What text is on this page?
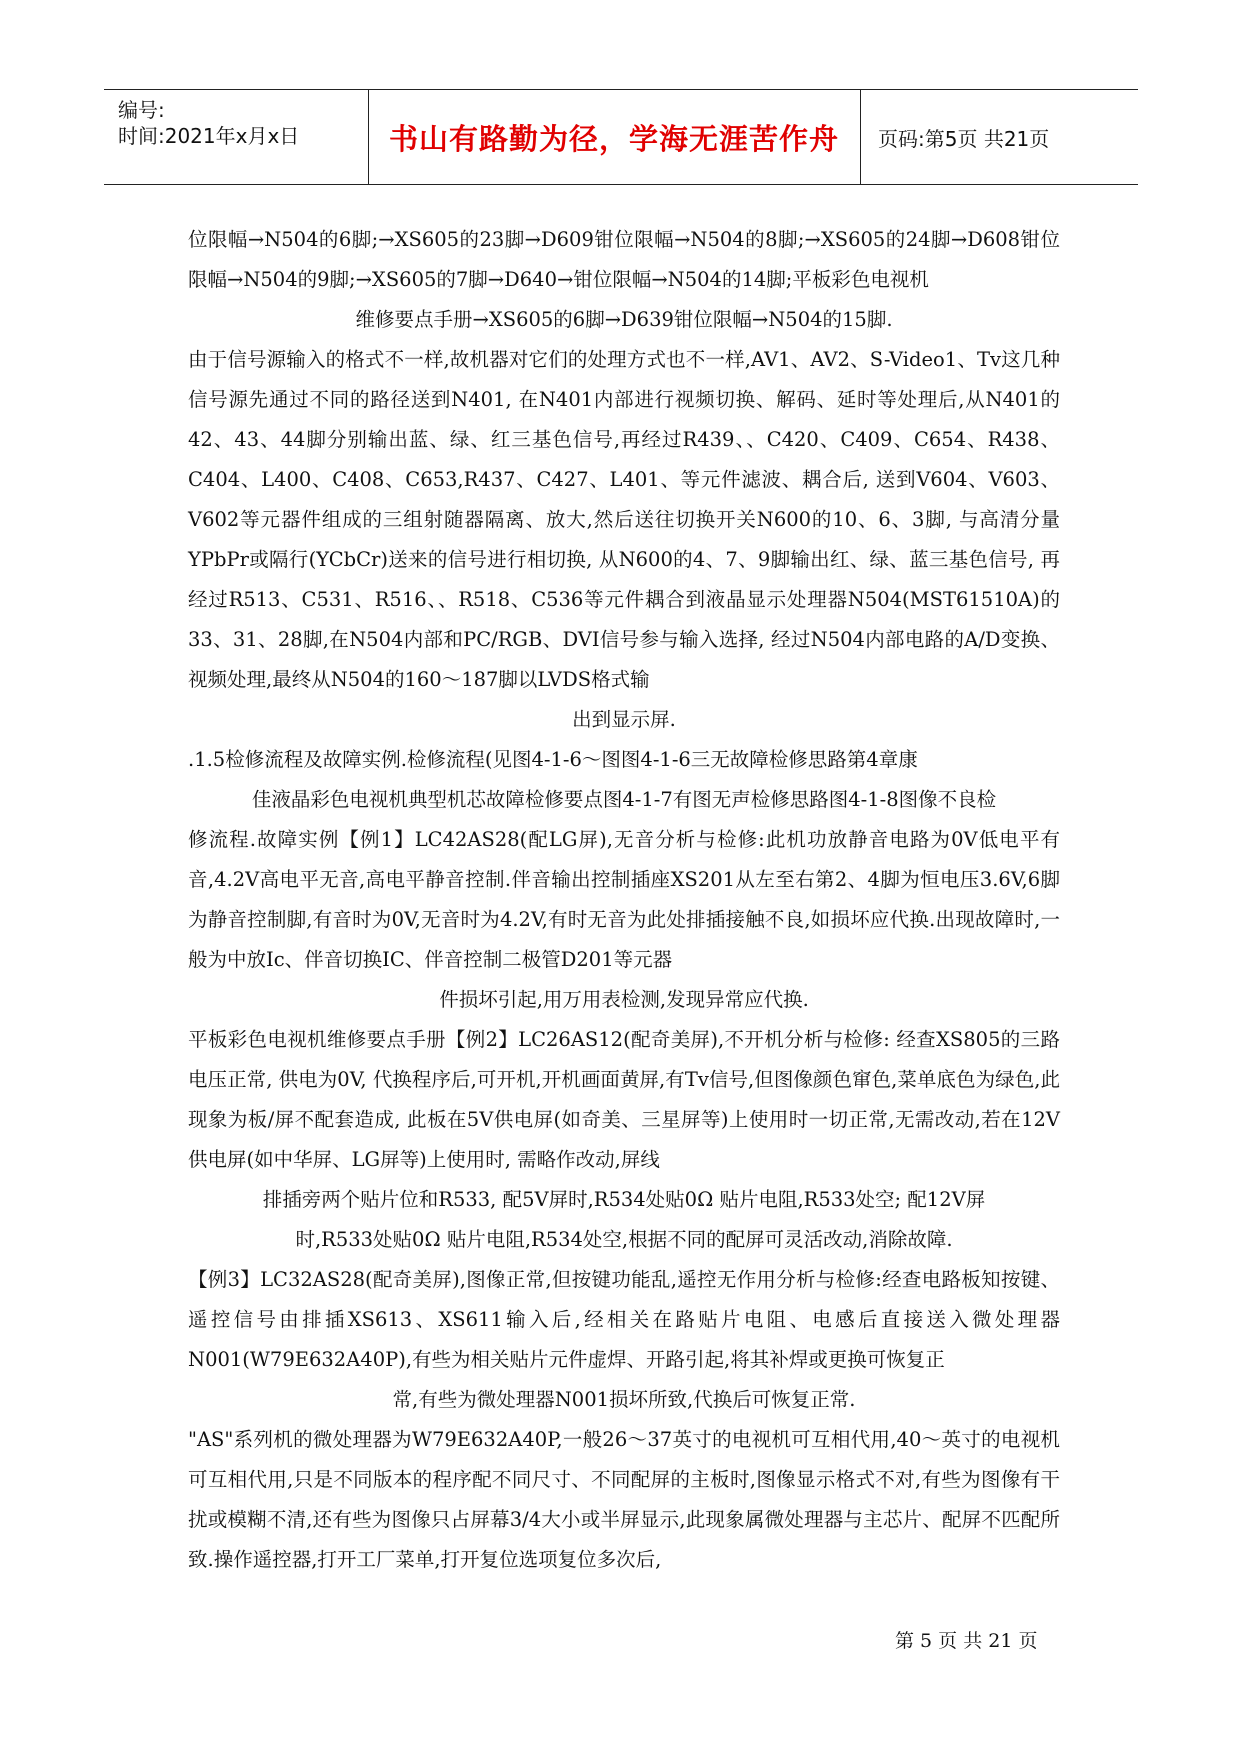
编号:
时间:2021年x月x日	书山有路勤为径，学海无涯苦作舟 页码:第5页 共21页

位限幅→N504的6脚;→XS605的23脚→D609钳位限幅→N504的8脚;→XS605的24脚→D608钳位限幅→N504的9脚;→XS605的7脚→D640→钳位限幅→N504的14脚;平板彩色电视机

维修要点手册→XS605的6脚→D639钳位限幅→N504的15脚.

由于信号源输入的格式不一样,故机器对它们的处理方式也不一样,AV1、AV2、S-Video1、Tv这几种信号源先通过不同的路径送到N401, 在N401内部进行视频切换、解码、延时等处理后,从N401的42、43、44脚分别输出蓝、绿、红三基色信号,再经过R439、、C420、C409、C654、R438、C404、L400、C408、C653,R437、C427、L401、等元件滤波、耦合后, 送到V604、V603、V602等元器件组成的三组射随器隔离、放大,然后送往切换开关N600的10、6、3脚, 与高清分量YPbPr或隔行(YCbCr)送来的信号进行相切换, 从N600的4、7、9脚输出红、绿、蓝三基色信号, 再经过R513、C531、R516、、R518、C536等元件耦合到液晶显示处理器N504(MST61510A)的33、31、28脚,在N504内部和PC/RGB、DVI信号参与输入选择, 经过N504内部电路的A/D变换、视频处理,最终从N504的160～187脚以LVDS格式输

出到显示屏.

.1.5检修流程及故障实例.检修流程(见图4-1-6～图图4-1-6三无故障检修思路第4章康

佳液晶彩色电视机典型机芯故障检修要点图4-1-7有图无声检修思路图4-1-8图像不良检

修流程.故障实例【例1】LC42AS28(配LG屏),无音分析与检修:此机功放静音电路为0V低电平有音,4.2V高电平无音,高电平静音控制.伴音输出控制插座XS201从左至右第2、4脚为恒电压3.6V,6脚为静音控制脚,有音时为0V,无音时为4.2V,有时无音为此处排插接触不良,如损坏应代换.出现故障时,一般为中放Ic、伴音切换IC、伴音控制二极管D201等元器

件损坏引起,用万用表检测,发现异常应代换.

平板彩色电视机维修要点手册【例2】LC26AS12(配奇美屏),不开机分析与检修: 经查XS805的三路电压正常, 供电为0V, 代换程序后,可开机,开机画面黄屏,有Tv信号,但图像颜色窜色,菜单底色为绿色,此现象为板/屏不配套造成, 此板在5V供电屏(如奇美、三星屏等)上使用时一切正常,无需改动,若在12V供电屏(如中华屏、LG屏等)上使用时, 需略作改动,屏线

排插旁两个贴片位和R533, 配5V屏时,R534处贴0Ω 贴片电阻,R533处空; 配12V屏

时,R533处贴0Ω 贴片电阻,R534处空,根据不同的配屏可灵活改动,消除故障.

【例3】LC32AS28(配奇美屏),图像正常,但按键功能乱,遥控无作用分析与检修:经查电路板知按键、遥控信号由排插XS613、XS611输入后,经相关在路贴片电阻、电感后直接送入微处理器N001(W79E632A40P),有些为相关贴片元件虚焊、开路引起,将其补焊或更换可恢复正

常,有些为微处理器N001损坏所致,代换后可恢复正常.

"AS"系列机的微处理器为W79E632A40P,一般26～37英寸的电视机可互相代用,40～英寸的电视机可互相代用,只是不同版本的程序配不同尺寸、不同配屏的主板时,图像显示格式不对,有些为图像有干扰或模糊不清,还有些为图像只占屏幕3/4大小或半屏显示,此现象属微处理器与主芯片、配屏不匹配所致.操作遥控器,打开工厂菜单,打开复位选项复位多次后,

第 5 页 共 21 页
